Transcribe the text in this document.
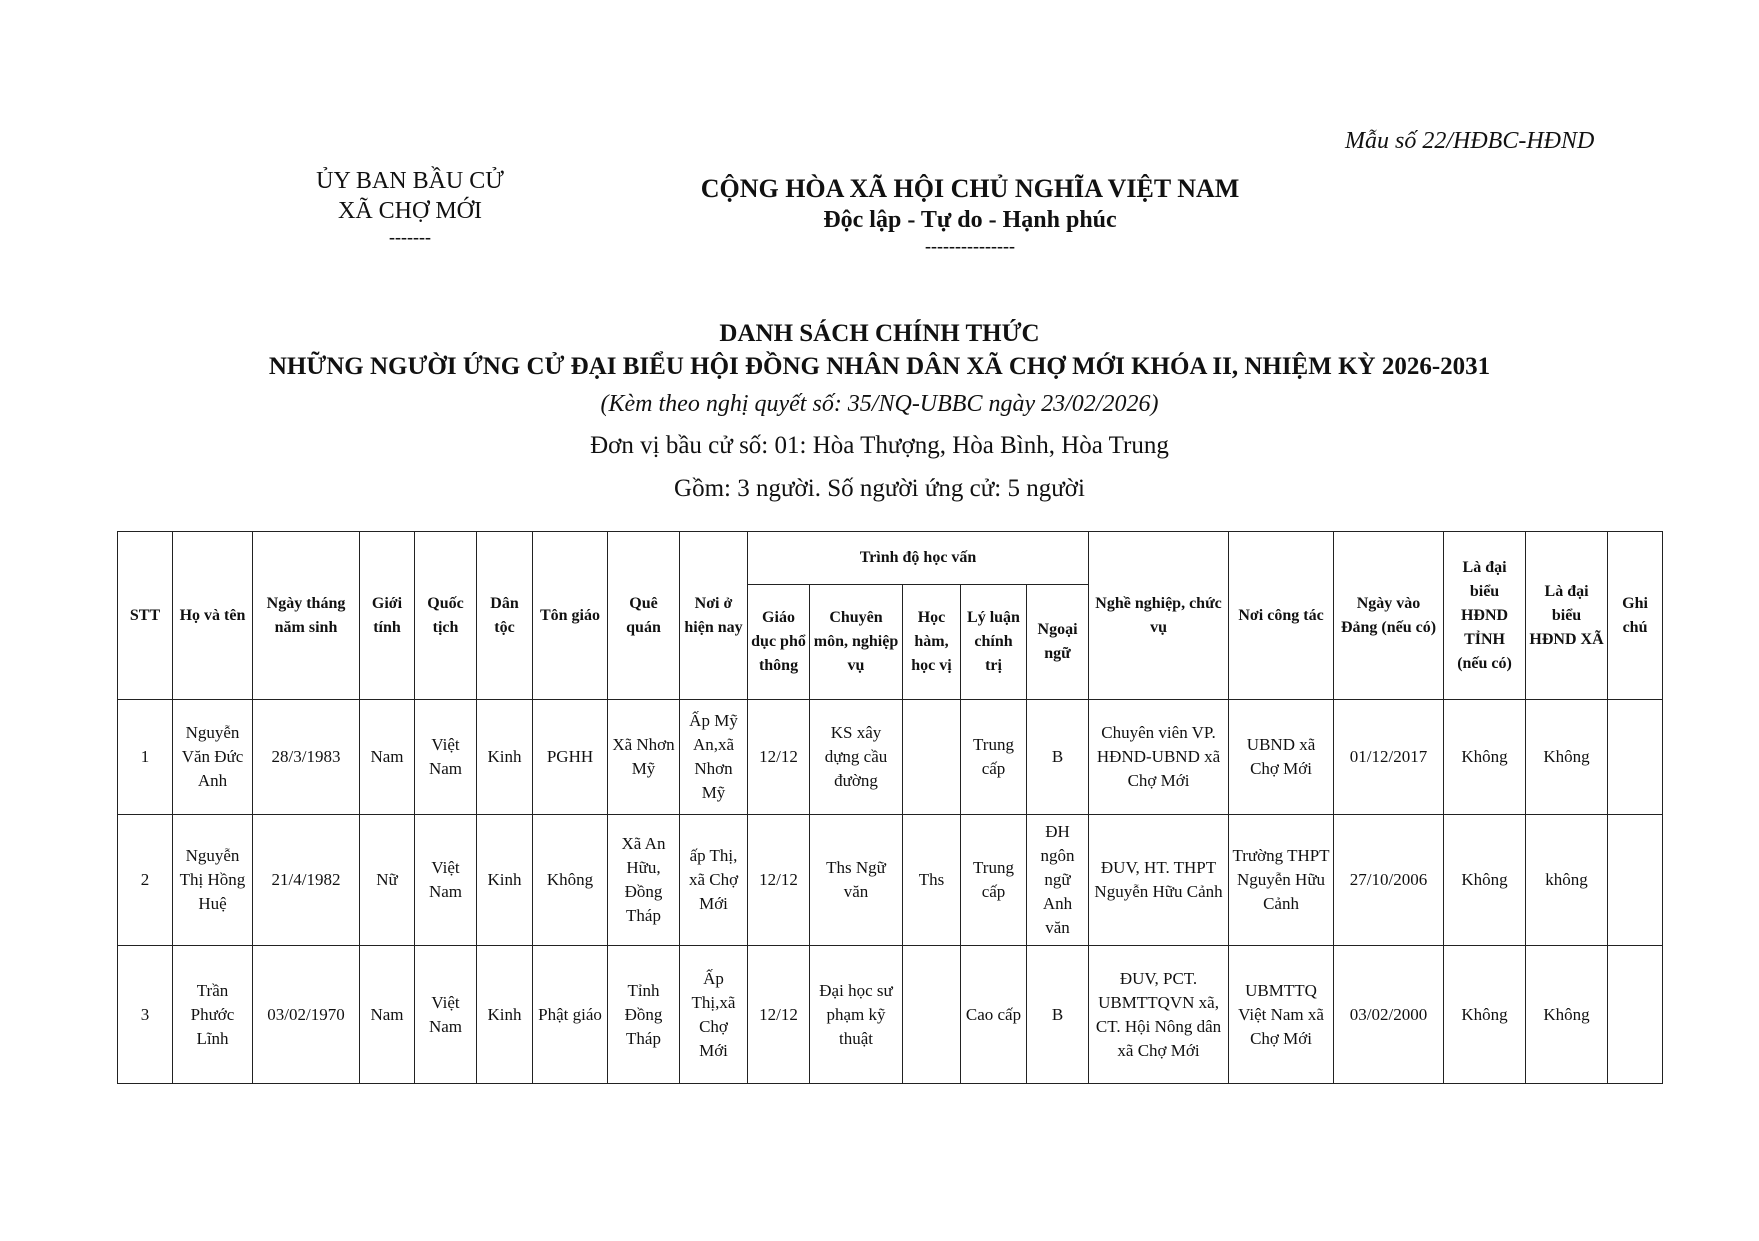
Mẫu số 22/HĐBC-HĐND
ỦY BAN BẦU CỬ
XÃ CHỢ MỚI
-------
CỘNG HÒA XÃ HỘI CHỦ NGHĨA VIỆT NAM
Độc lập - Tự do - Hạnh phúc
---------------
DANH SÁCH CHÍNH THỨC
NHỮNG NGƯỜI ỨNG CỬ ĐẠI BIỂU HỘI ĐỒNG NHÂN DÂN XÃ CHỢ MỚI KHÓA II, NHIỆM KỲ 2026-2031
(Kèm theo nghị quyết số: 35/NQ-UBBC ngày 23/02/2026)
Đơn vị bầu cử số: 01: Hòa Thượng, Hòa Bình, Hòa Trung
Gồm: 3 người. Số người ứng cử: 5 người
STT	Họ và tên	Ngày tháng năm sinh	Giới tính	Quốc tịch	Dân tộc	Tôn giáo	Quê quán	Nơi ở hiện nay	Trình độ học vấn					Nghề nghiệp, chức vụ	Nơi công tác	Ngày vào Đảng (nếu có)	Là đại biểu HĐND TỈNH (nếu có)	Là đại biểu HĐND XÃ	Ghi chú
									Giáo dục phổ thông	Chuyên môn, nghiệp vụ	Học hàm, học vị	Lý luận chính trị	Ngoại ngữ						
1	Nguyễn Văn Đức Anh	28/3/1983	Nam	Việt Nam	Kinh	PGHH	Xã Nhơn Mỹ	Ấp Mỹ An,xã Nhơn Mỹ	12/12	KS xây dựng cầu đường		Trung cấp	B	Chuyên viên VP. HĐND-UBND xã Chợ Mới	UBND xã Chợ Mới	01/12/2017	Không	Không	
2	Nguyễn Thị Hồng Huệ	21/4/1982	Nữ	Việt Nam	Kinh	Không	Xã An Hữu, Đồng Tháp	ấp Thị, xã Chợ Mới	12/12	Ths Ngữ văn	Ths	Trung cấp	ĐH ngôn ngữ Anh văn	ĐUV, HT. THPT Nguyễn Hữu Cảnh	Trường THPT Nguyễn Hữu Cảnh	27/10/2006	Không	không	
3	Trần Phước Lĩnh	03/02/1970	Nam	Việt Nam	Kinh	Phật giáo	Tỉnh Đồng Tháp	Ấp Thị,xã Chợ Mới	12/12	Đại học sư phạm kỹ thuật		Cao cấp	B	ĐUV, PCT. UBMTTQVN xã, CT. Hội Nông dân xã Chợ Mới	UBMTTQ Việt Nam xã Chợ Mới	03/02/2000	Không	Không	
